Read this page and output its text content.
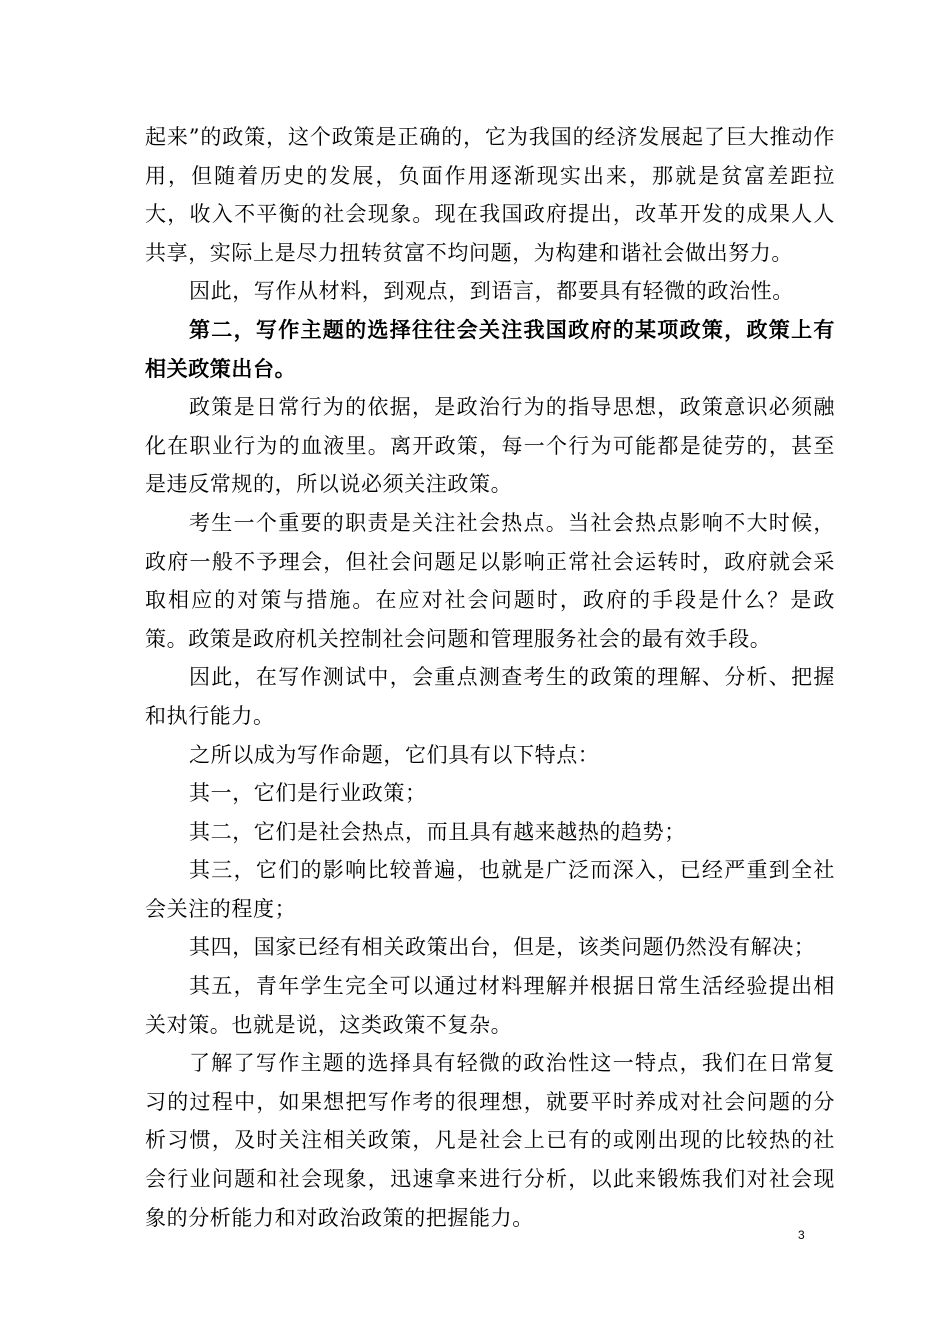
起来”的政策，这个政策是正确的，它为我国的经济发展起了巨大推动作用，但随着历史的发展，负面作用逐渐现实出来，那就是贫富差距拉大，收入不平衡的社会现象。现在我国政府提出，改革开发的成果人人共享，实际上是尽力扭转贫富不均问题，为构建和谐社会做出努力。

因此，写作从材料，到观点，到语言，都要具有轻微的政治性。

第二，写作主题的选择往往会关注我国政府的某项政策，政策上有相关政策出台。

政策是日常行为的依据，是政治行为的指导思想，政策意识必须融化在职业行为的血液里。离开政策，每一个行为可能都是徒劳的，甚至是违反常规的，所以说必须关注政策。

考生一个重要的职责是关注社会热点。当社会热点影响不大时候，政府一般不予理会，但社会问题足以影响正常社会运转时，政府就会采取相应的对策与措施。在应对社会问题时，政府的手段是什么？是政策。政策是政府机关控制社会问题和管理服务社会的最有效手段。

因此，在写作测试中，会重点测查考生的政策的理解、分析、把握和执行能力。

之所以成为写作命题，它们具有以下特点：

其一，它们是行业政策；

其二，它们是社会热点，而且具有越来越热的趋势；

其三，它们的影响比较普遍，也就是广泛而深入，已经严重到全社会关注的程度；

其四，国家已经有相关政策出台，但是，该类问题仍然没有解决；

其五，青年学生完全可以通过材料理解并根据日常生活经验提出相关对策。也就是说，这类政策不复杂。

了解了写作主题的选择具有轻微的政治性这一特点，我们在日常复习的过程中，如果想把写作考的很理想，就要平时养成对社会问题的分析习惯，及时关注相关政策，凡是社会上已有的或刚出现的比较热的社会行业问题和社会现象，迅速拿来进行分析，以此来锻炼我们对社会现象的分析能力和对政治政策的把握能力。

3
